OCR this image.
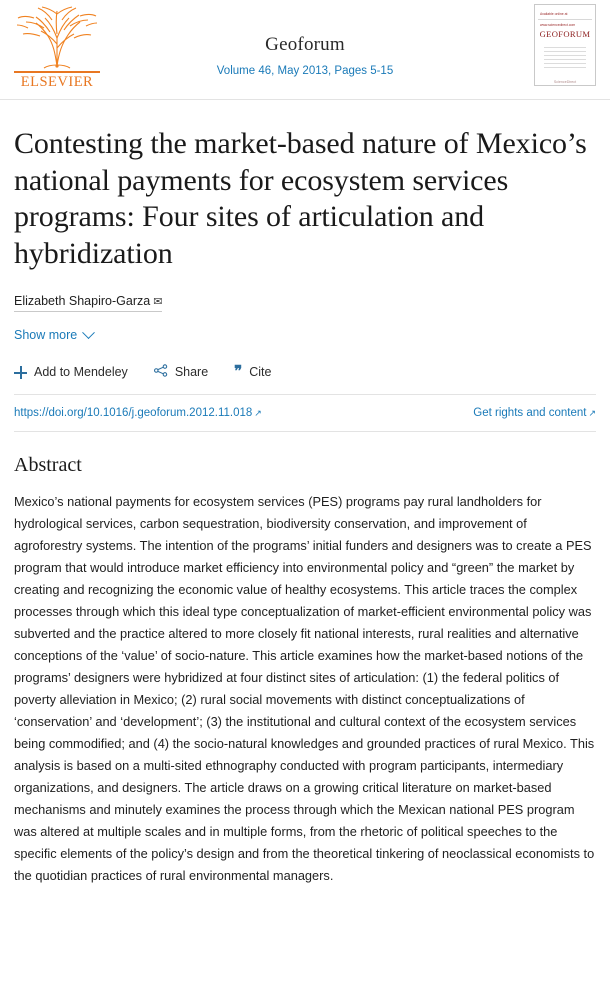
ELSEVIER
Geoforum
Volume 46, May 2013, Pages 5-15
Available online at www.sciencedirect.com
GEOFORUM
ScienceDirect
Contesting the market-based nature of Mexico’s national payments for ecosystem services programs: Four sites of articulation and hybridization
Elizabeth Shapiro-Garza ✉
Show more
Add to Mendeley	Share ❞ Cite
https://doi.org/10.1016/j.geoforum.2012.11.018 ↗	Get rights and content ↗
Abstract

Mexico’s national payments for ecosystem services (PES) programs pay rural landholders for hydrological services, carbon sequestration, biodiversity conservation, and improvement of agroforestry systems. The intention of the programs’ initial funders and designers was to create a PES program that would introduce market efficiency into environmental policy and “green” the market by creating and recognizing the economic value of healthy ecosystems. This article traces the complex processes through which this ideal type conceptualization of market-efficient environmental policy was subverted and the practice altered to more closely fit national interests, rural realities and alternative conceptions of the ‘value’ of socio-nature. This article examines how the market-based notions of the programs’ designers were hybridized at four distinct sites of articulation: (1) the federal politics of poverty alleviation in Mexico; (2) rural social movements with distinct conceptualizations of ‘conservation’ and ‘development’; (3) the institutional and cultural context of the ecosystem services being commodified; and (4) the socio-natural knowledges and grounded practices of rural Mexico. This analysis is based on a multi-sited ethnography conducted with program participants, intermediary organizations, and designers. The article draws on a growing critical literature on market-based mechanisms and minutely examines the process through which the Mexican national PES program was altered at multiple scales and in multiple forms, from the rhetoric of political speeches to the specific elements of the policy’s design and from the theoretical tinkering of neoclassical economists to the quotidian practices of rural environmental managers.
